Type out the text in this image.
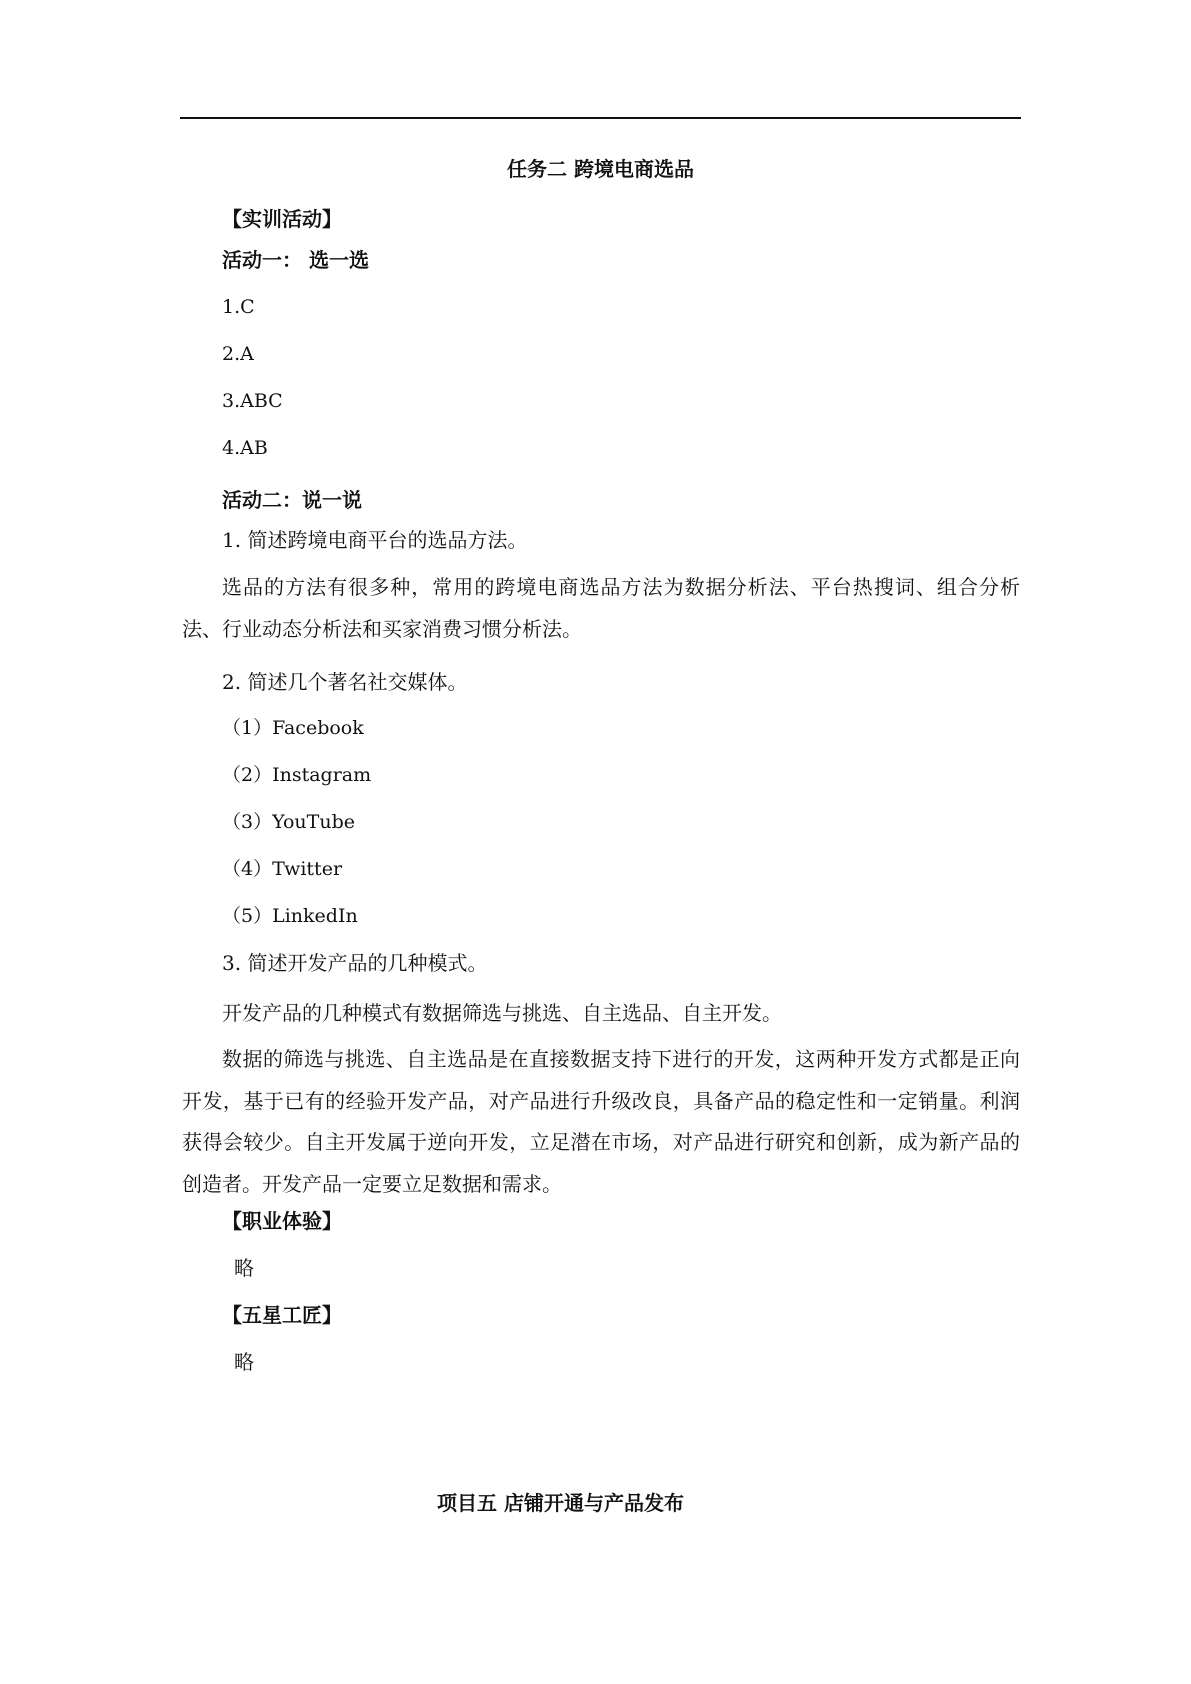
任务二 跨境电商选品
【实训活动】
活动一： 选一选
1.C
2.A
3.ABC
4.AB
活动二：说一说
1. 简述跨境电商平台的选品方法。
选品的方法有很多种，常用的跨境电商选品方法为数据分析法、平台热搜词、组合分析法、行业动态分析法和买家消费习惯分析法。
2. 简述几个著名社交媒体。
（1）Facebook
（2）Instagram
（3）YouTube
（4）Twitter
（5）LinkedIn
3. 简述开发产品的几种模式。
开发产品的几种模式有数据筛选与挑选、自主选品、自主开发。
数据的筛选与挑选、自主选品是在直接数据支持下进行的开发，这两种开发方式都是正向开发，基于已有的经验开发产品，对产品进行升级改良，具备产品的稳定性和一定销量。利润获得会较少。自主开发属于逆向开发，立足潜在市场，对产品进行研究和创新，成为新产品的创造者。开发产品一定要立足数据和需求。
【职业体验】
略
【五星工匠】
略
项目五 店铺开通与产品发布
